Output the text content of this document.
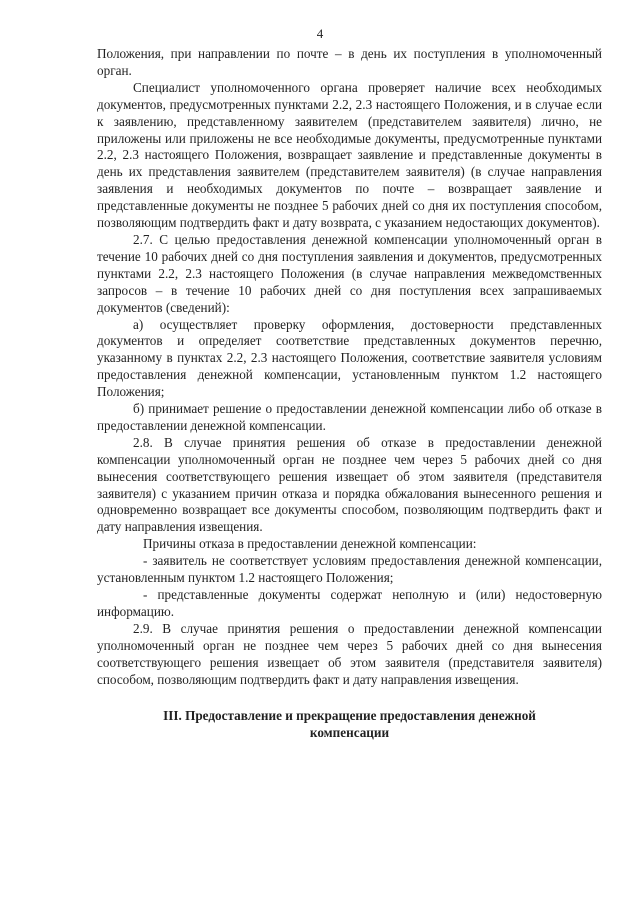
4

Положения, при направлении по почте – в день их поступления в уполномоченный орган.

Специалист уполномоченного органа проверяет наличие всех необходимых документов, предусмотренных пунктами 2.2, 2.3 настоящего Положения, и в случае если к заявлению, представленному заявителем (представителем заявителя) лично, не приложены или приложены не все необходимые документы, предусмотренные пунктами 2.2, 2.3 настоящего Положения, возвращает заявление и представленные документы в день их представления заявителем (представителем заявителя) (в случае направления заявления и необходимых документов по почте – возвращает заявление и представленные документы не позднее 5 рабочих дней со дня их поступления способом, позволяющим подтвердить факт и дату возврата, с указанием недостающих документов).

2.7. С целью предоставления денежной компенсации уполномоченный орган в течение 10 рабочих дней со дня поступления заявления и документов, предусмотренных пунктами 2.2, 2.3 настоящего Положения (в случае направления межведомственных запросов – в течение 10 рабочих дней со дня поступления всех запрашиваемых документов (сведений):

а) осуществляет проверку оформления, достоверности представленных документов и определяет соответствие представленных документов перечню, указанному в пунктах 2.2, 2.3 настоящего Положения, соответствие заявителя условиям предоставления денежной компенсации, установленным пунктом 1.2 настоящего Положения;

б) принимает решение о предоставлении денежной компенсации либо об отказе в предоставлении денежной компенсации.

2.8. В случае принятия решения об отказе в предоставлении денежной компенсации уполномоченный орган не позднее чем через 5 рабочих дней со дня вынесения соответствующего решения извещает об этом заявителя (представителя заявителя) с указанием причин отказа и порядка обжалования вынесенного решения и одновременно возвращает все документы способом, позволяющим подтвердить факт и дату направления извещения.

Причины отказа в предоставлении денежной компенсации:

- заявитель не соответствует условиям предоставления денежной компенсации, установленным пунктом 1.2 настоящего Положения;

- представленные документы содержат неполную и (или) недостоверную информацию.

2.9. В случае принятия решения о предоставлении денежной компенсации уполномоченный орган не позднее чем через 5 рабочих дней со дня вынесения соответствующего решения извещает об этом заявителя (представителя заявителя) способом, позволяющим подтвердить факт и дату направления извещения.

III. Предоставление и прекращение предоставления денежной компенсации
